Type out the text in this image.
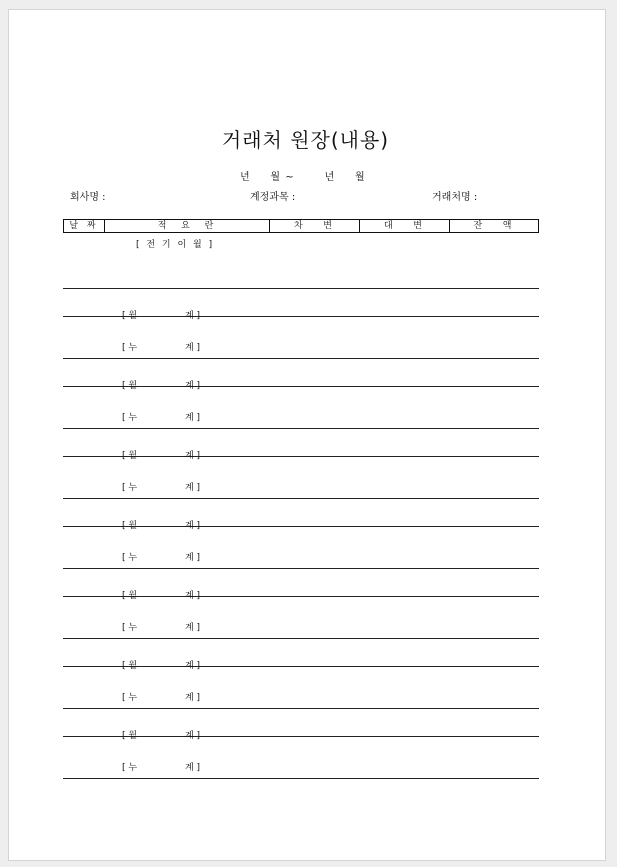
거래처 원장(내용)
년    월 ~      년    월
회사명 :	계정과목 :	거래처명 :
날 짜	적  요  란	차   변	대   변	잔   액
[ 전 기 이 월 ]

[ 월	계 ]

[ 누	계 ]

[ 월	계 ]

[ 누	계 ]

[ 월	계 ]

[ 누	계 ]

[ 월	계 ]

[ 누	계 ]

[ 월	계 ]

[ 누	계 ]

[ 월	계 ]

[ 누	계 ]

[ 월	계 ]

[ 누	계 ]
